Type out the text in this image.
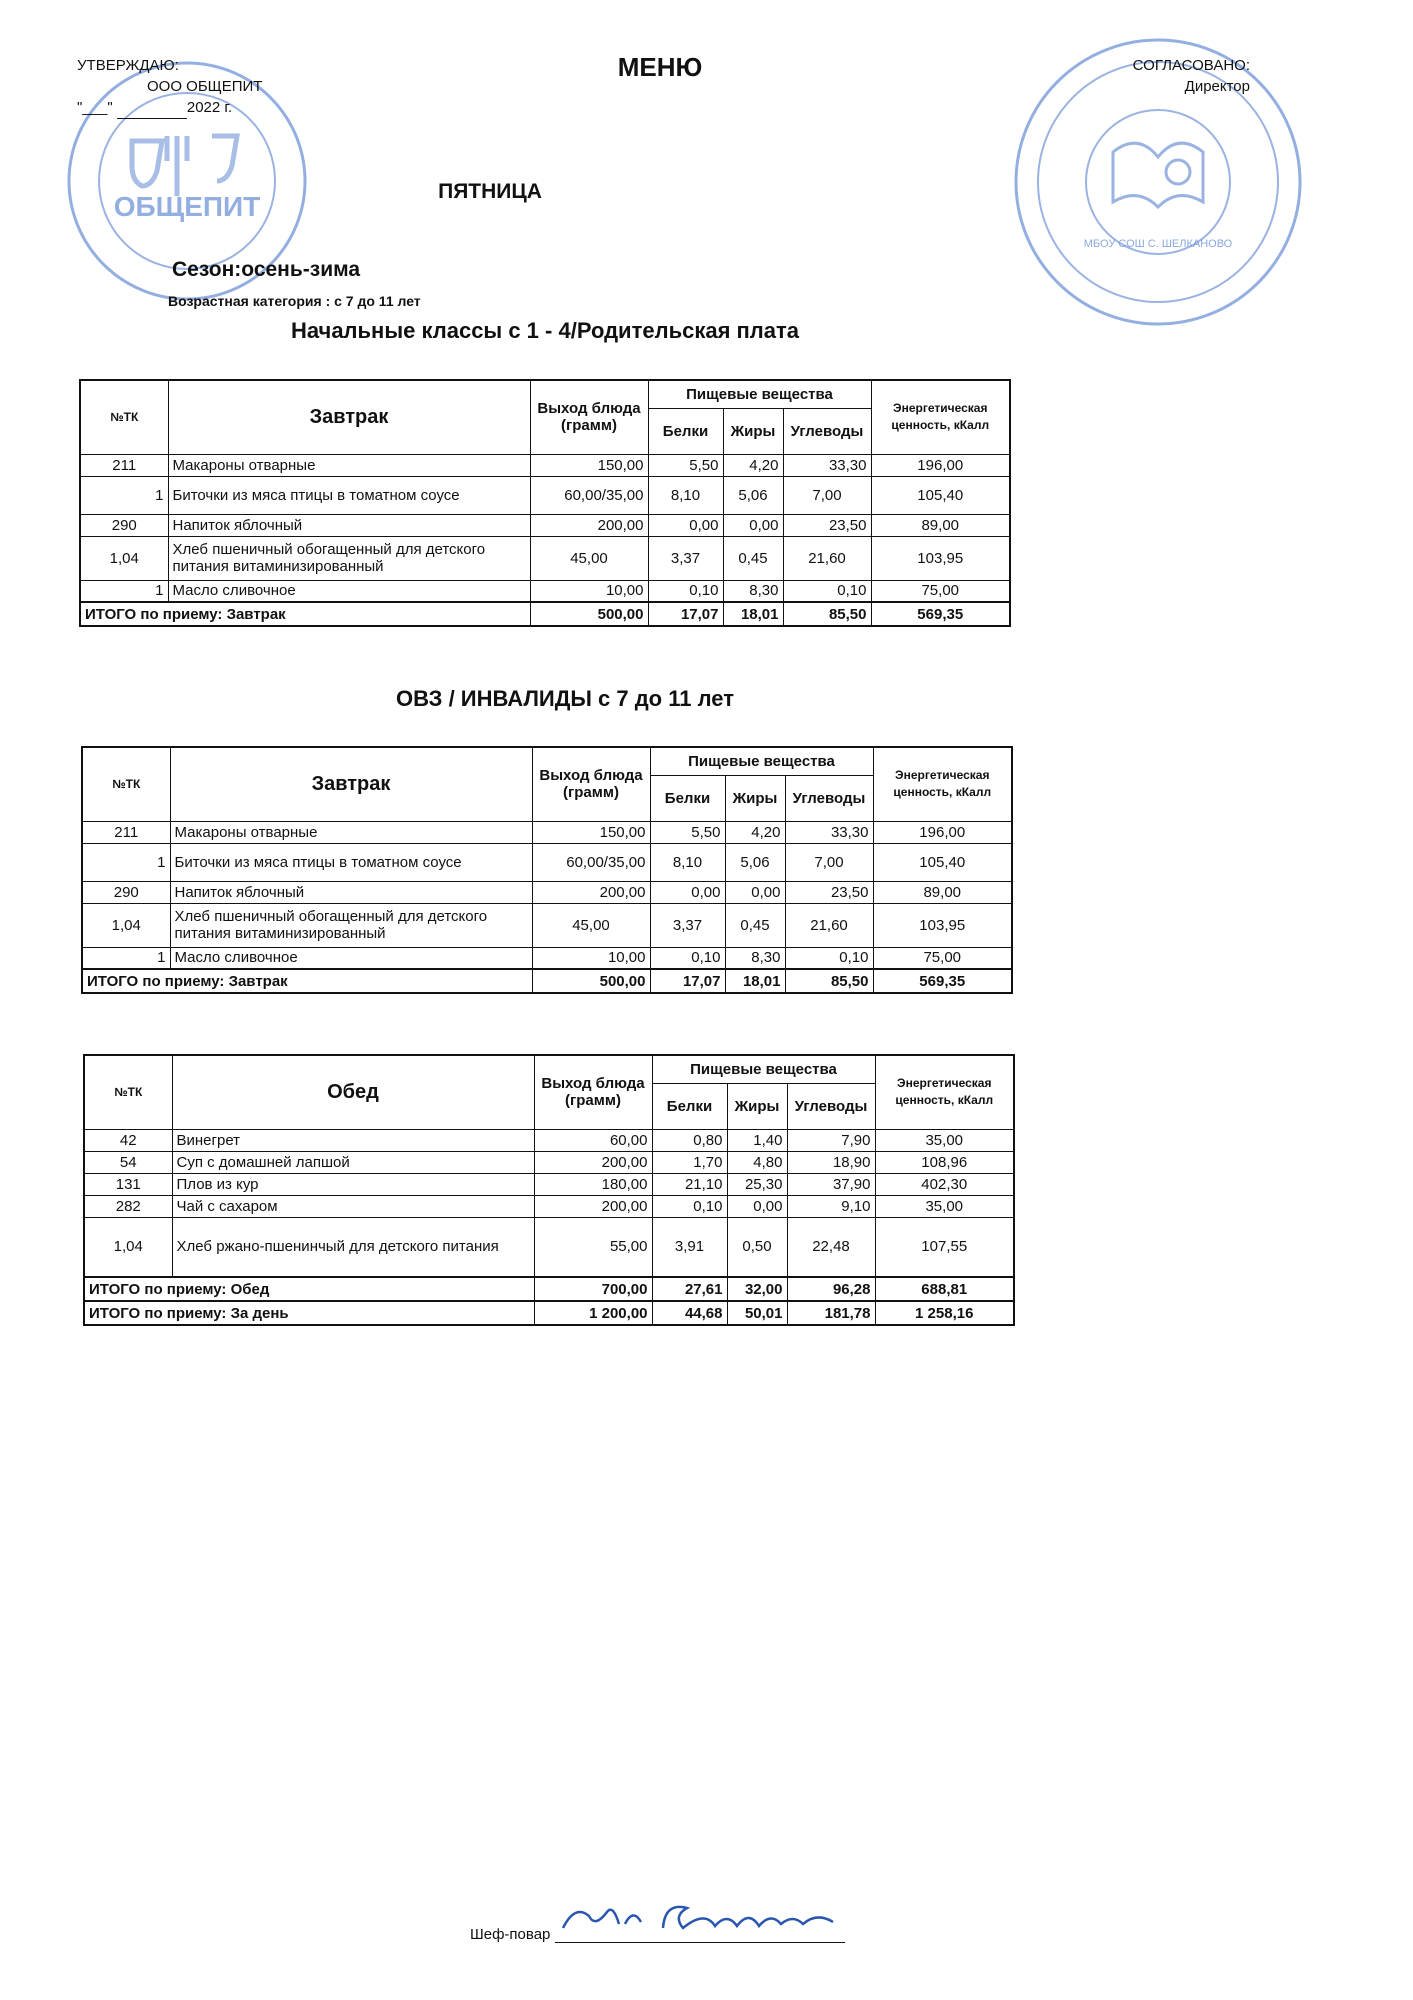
ОБЩЕПИТ
МБОУ СОШ С. ШЕЛКАНОВО
УТВЕРЖДАЮ:
ООО ОБЩЕПИТ
"___"	2022 г.
СОГЛАСОВАНО:
Директор
МЕНЮ
ПЯТНИЦА
Сезон:осень-зима
Возрастная категория : с 7 до 11 лет
Начальные классы с 1 - 4/Родительская плата
ОВЗ / ИНВАЛИДЫ с 7 до 11 лет
№ТК	Завтрак	Выход блюда
(грамм)	Пищевые вещества			Энергетическая
ценность, кКалл
			Белки	Жиры	Углеводы	
211	Макароны отварные	150,00	5,50	4,20	33,30	196,00
1	Биточки из мяса птицы в томатном соусе	60,00/35,00	8,10	5,06	7,00	105,40
290	Напиток яблочный	200,00	0,00	0,00	23,50	89,00
1,04	Хлеб пшеничный обогащенный для детского питания витаминизированный	45,00	3,37	0,45	21,60	103,95
1	Масло сливочное	10,00	0,10	8,30	0,10	75,00
ИТОГО по приему: Завтрак		500,00	17,07	18,01	85,50	569,35
№ТК	Завтрак	Выход блюда
(грамм)	Пищевые вещества			Энергетическая
ценность, кКалл
			Белки	Жиры	Углеводы	
211	Макароны отварные	150,00	5,50	4,20	33,30	196,00
1	Биточки из мяса птицы в томатном соусе	60,00/35,00	8,10	5,06	7,00	105,40
290	Напиток яблочный	200,00	0,00	0,00	23,50	89,00
1,04	Хлеб пшеничный обогащенный для детского питания витаминизированный	45,00	3,37	0,45	21,60	103,95
1	Масло сливочное	10,00	0,10	8,30	0,10	75,00
ИТОГО по приему: Завтрак		500,00	17,07	18,01	85,50	569,35
№ТК	Обед	Выход блюда
(грамм)	Пищевые вещества			Энергетическая
ценность, кКалл
			Белки	Жиры	Углеводы	
42	Винегрет	60,00	0,80	1,40	7,90	35,00
54	Суп с домашней лапшой	200,00	1,70	4,80	18,90	108,96
131	Плов из кур	180,00	21,10	25,30	37,90	402,30
282	Чай с сахаром	200,00	0,10	0,00	9,10	35,00
1,04	Хлеб ржано-пшенинчый для детского питания	55,00	3,91	0,50	22,48	107,55
ИТОГО по приему: Обед		700,00	27,61	32,00	96,28	688,81
ИТОГО по приему: За день		1 200,00	44,68	50,01	181,78	1 258,16
Шеф-повар
